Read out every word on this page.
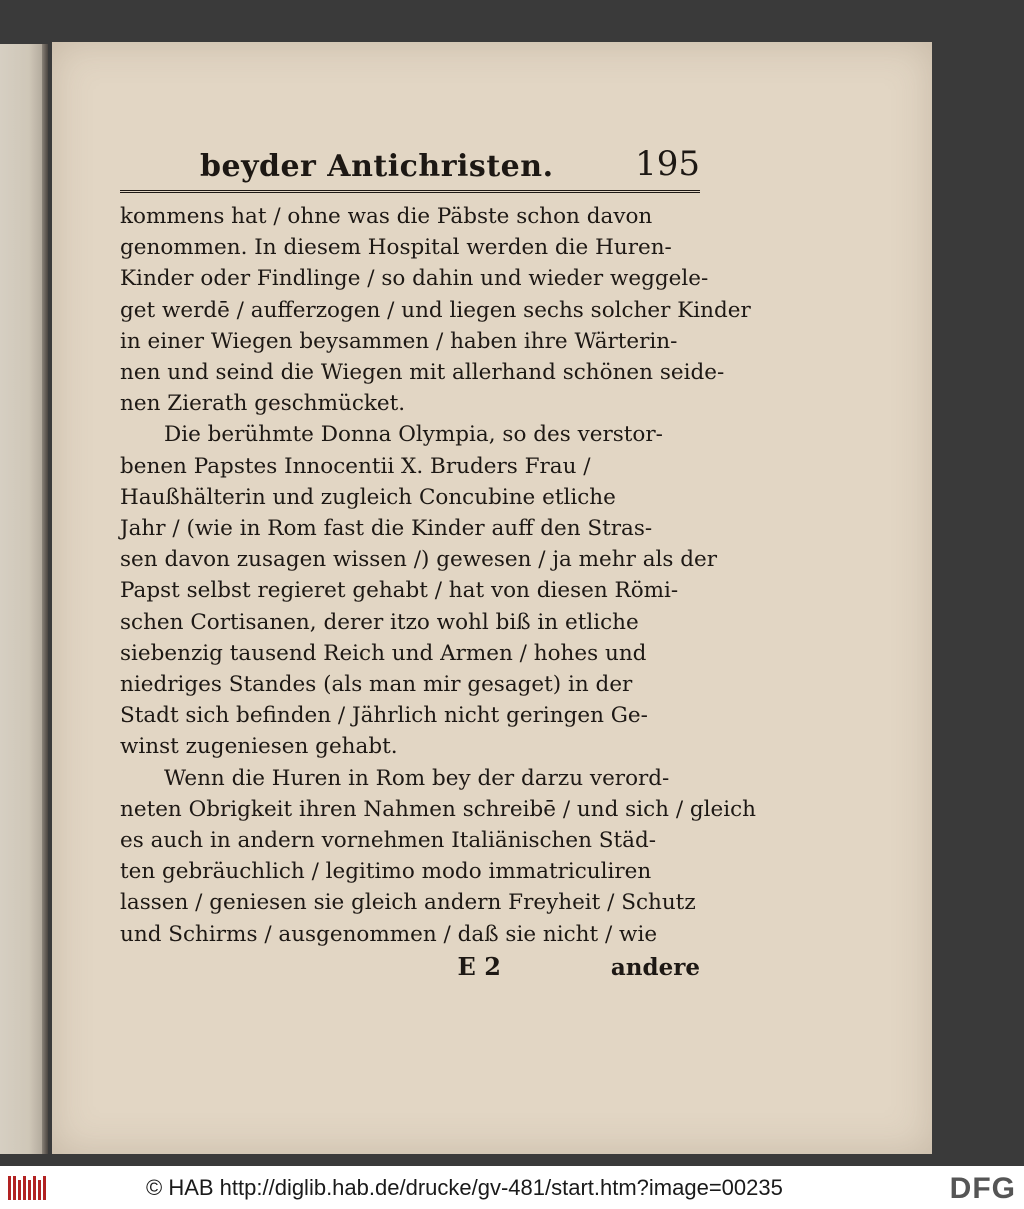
beyder Antichristen. 195

kommens hat / ohne was die Päbste schon davon
genommen. In diesem Hospital werden die Huren-
Kinder oder Findlinge / so dahin und wieder weggele-
get werdē / aufferzogen / und liegen sechs solcher Kinder
in einer Wiegen beysammen / haben ihre Wärterin-
nen und seind die Wiegen mit allerhand schönen seide-
nen Zierath geschmücket.
Die berühmte Donna Olympia, so des verstor-
benen Papstes Innocentii X. Bruders Frau /
Haußhälterin und zugleich Concubine etliche
Jahr / (wie in Rom fast die Kinder auff den Stras-
sen davon zusagen wissen /) gewesen / ja mehr als der
Papst selbst regieret gehabt / hat von diesen Römi-
schen Cortisanen, derer itzo wohl biß in etliche
siebenzig tausend Reich und Armen / hohes und
niedriges Standes (als man mir gesaget) in der
Stadt sich befinden / Jährlich nicht geringen Ge-
winst zugeniesen gehabt.
Wenn die Huren in Rom bey der darzu verord-
neten Obrigkeit ihren Nahmen schreibē / und sich / gleich
es auch in andern vornehmen Italiänischen Städ-
ten gebräuchlich / legitimo modo immatriculiren
lassen / geniesen sie gleich andern Freyheit / Schutz
und Schirms / ausgenommen / daß sie nicht / wie

E 2	andere
© HAB http://diglib.hab.de/drucke/gv-481/start.htm?image=00235	DFG
